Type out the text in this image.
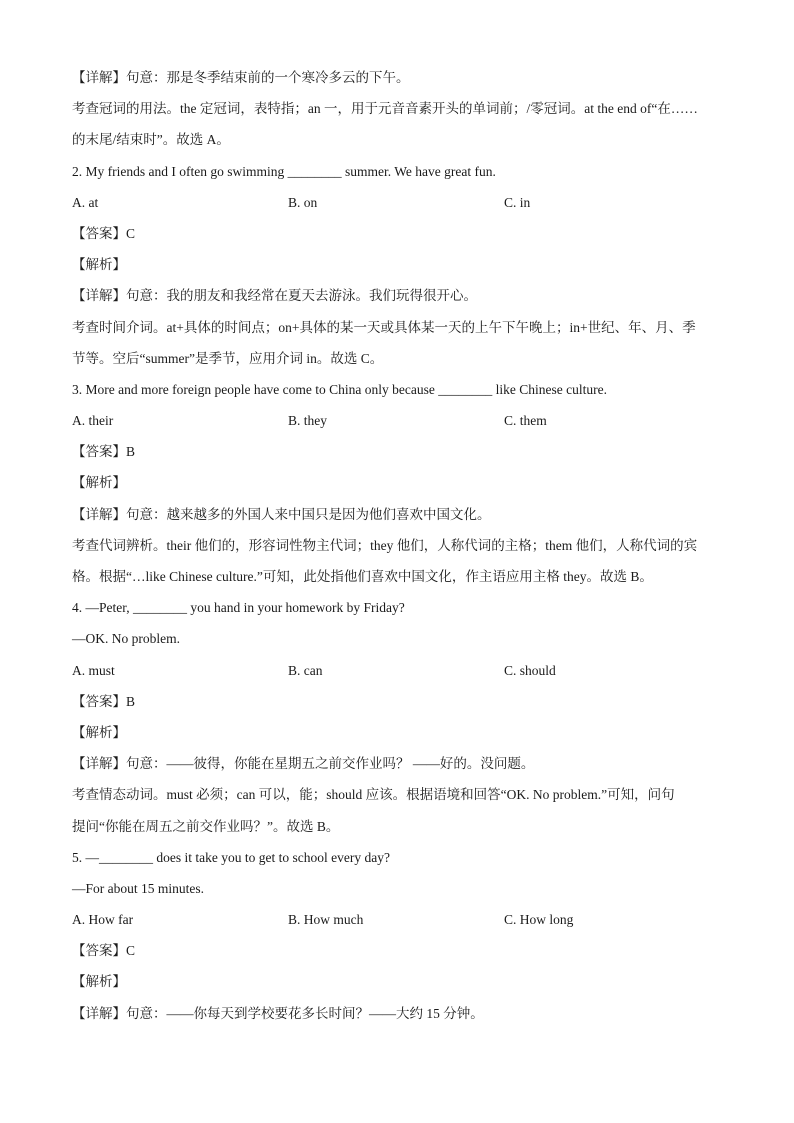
【详解】句意：那是冬季结束前的一个寒冷多云的下午。
考查冠词的用法。the 定冠词，表特指；an 一，用于元音音素开头的单词前；/零冠词。at the end of“在……
的末尾/结束时”。故选 A。
2. My friends and I often go swimming ________ summer. We have great fun.
A. at	B. on	C. in
【答案】C
【解析】
【详解】句意：我的朋友和我经常在夏天去游泳。我们玩得很开心。
考查时间介词。at+具体的时间点；on+具体的某一天或具体某一天的上午下午晚上；in+世纪、年、月、季
节等。空后“summer”是季节，应用介词 in。故选 C。
3. More and more foreign people have come to China only because ________ like Chinese culture.
A. their	B. they	C. them
【答案】B
【解析】
【详解】句意：越来越多的外国人来中国只是因为他们喜欢中国文化。
考查代词辨析。their 他们的，形容词性物主代词；they 他们，人称代词的主格；them 他们，人称代词的宾
格。根据“…like Chinese culture.”可知，此处指他们喜欢中国文化，作主语应用主格 they。故选 B。
4. —Peter, ________ you hand in your homework by Friday?
—OK. No problem.
A. must	B. can	C. should
【答案】B
【解析】
【详解】句意：——彼得，你能在星期五之前交作业吗？ ——好的。没问题。
考查情态动词。must 必须；can 可以，能；should 应该。根据语境和回答“OK. No problem.”可知，问句
提问“你能在周五之前交作业吗？”。故选 B。
5. —________ does it take you to get to school every day?
—For about 15 minutes.
A. How far	B. How much	C. How long
【答案】C
【解析】
【详解】句意：——你每天到学校要花多长时间？——大约 15 分钟。
